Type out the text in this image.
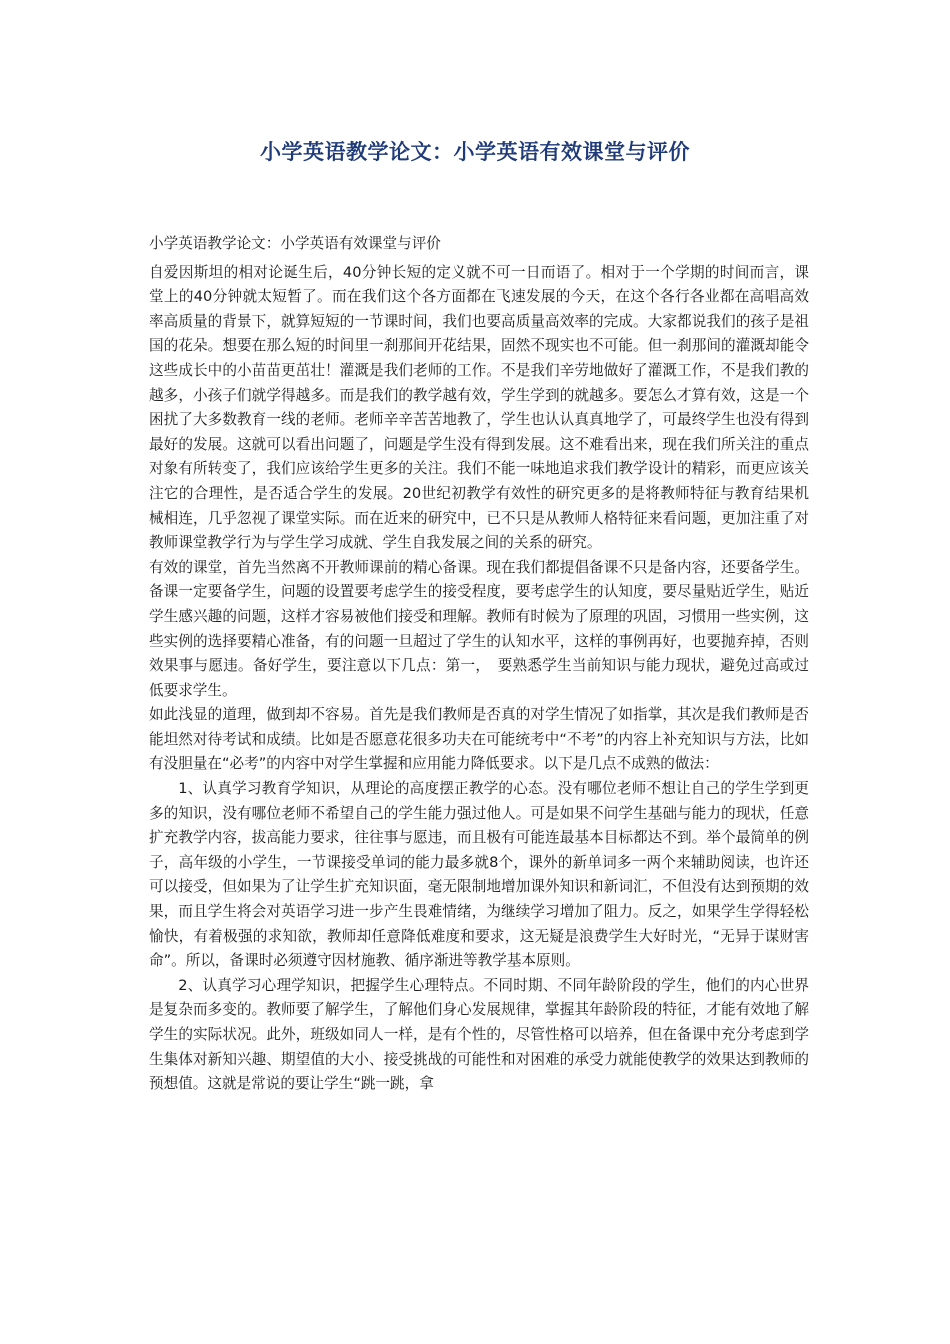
小学英语教学论文：小学英语有效课堂与评价

小学英语教学论文：小学英语有效课堂与评价

自爱因斯坦的相对论诞生后，40分钟长短的定义就不可一日而语了。相对于一个学期的时间而言，课堂上的40分钟就太短暂了。而在我们这个各方面都在飞速发展的今天，在这个各行各业都在高唱高效率高质量的背景下，就算短短的一节课时间，我们也要高质量高效率的完成。大家都说我们的孩子是祖国的花朵。想要在那么短的时间里一刹那间开花结果，固然不现实也不可能。但一刹那间的灌溉却能令这些成长中的小苗苗更茁壮！灌溉是我们老师的工作。不是我们辛劳地做好了灌溉工作，不是我们教的越多，小孩子们就学得越多。而是我们的教学越有效，学生学到的就越多。要怎么才算有效，这是一个困扰了大多数教育一线的老师。老师辛辛苦苦地教了，学生也认认真真地学了，可最终学生也没有得到最好的发展。这就可以看出问题了，问题是学生没有得到发展。这不难看出来，现在我们所关注的重点对象有所转变了，我们应该给学生更多的关注。我们不能一味地追求我们教学设计的精彩，而更应该关注它的合理性，是否适合学生的发展。20世纪初教学有效性的研究更多的是将教师特征与教育结果机械相连，几乎忽视了课堂实际。而在近来的研究中，已不只是从教师人格特征来看问题，更加注重了对教师课堂教学行为与学生学习成就、学生自我发展之间的关系的研究。

有效的课堂，首先当然离不开教师课前的精心备课。现在我们都提倡备课不只是备内容，还要备学生。备课一定要备学生，问题的设置要考虑学生的接受程度，要考虑学生的认知度，要尽量贴近学生，贴近学生感兴趣的问题，这样才容易被他们接受和理解。教师有时候为了原理的巩固，习惯用一些实例，这些实例的选择要精心准备，有的问题一旦超过了学生的认知水平，这样的事例再好，也要抛弃掉，否则效果事与愿违。备好学生，要注意以下几点：第一，　要熟悉学生当前知识与能力现状，避免过高或过低要求学生。

如此浅显的道理，做到却不容易。首先是我们教师是否真的对学生情况了如指掌，其次是我们教师是否能坦然对待考试和成绩。比如是否愿意花很多功夫在可能统考中“不考”的内容上补充知识与方法，比如有没胆量在“必考”的内容中对学生掌握和应用能力降低要求。以下是几点不成熟的做法：

1、认真学习教育学知识，从理论的高度摆正教学的心态。没有哪位老师不想让自己的学生学到更多的知识，没有哪位老师不希望自己的学生能力强过他人。可是如果不问学生基础与能力的现状，任意扩充教学内容，拔高能力要求，往往事与愿违，而且极有可能连最基本目标都达不到。举个最简单的例子，高年级的小学生，一节课接受单词的能力最多就8个，课外的新单词多一两个来辅助阅读，也许还可以接受，但如果为了让学生扩充知识面，毫无限制地增加课外知识和新词汇，不但没有达到预期的效果，而且学生将会对英语学习进一步产生畏难情绪，为继续学习增加了阻力。反之，如果学生学得轻松愉快，有着极强的求知欲，教师却任意降低难度和要求，这无疑是浪费学生大好时光，“无异于谋财害命”。所以，备课时必须遵守因材施教、循序渐进等教学基本原则。

2、认真学习心理学知识，把握学生心理特点。不同时期、不同年龄阶段的学生，他们的内心世界是复杂而多变的。教师要了解学生，了解他们身心发展规律，掌握其年龄阶段的特征，才能有效地了解学生的实际状况。此外，班级如同人一样，是有个性的，尽管性格可以培养，但在备课中充分考虑到学生集体对新知兴趣、期望值的大小、接受挑战的可能性和对困难的承受力就能使教学的效果达到教师的预想值。这就是常说的要让学生“跳一跳，拿
